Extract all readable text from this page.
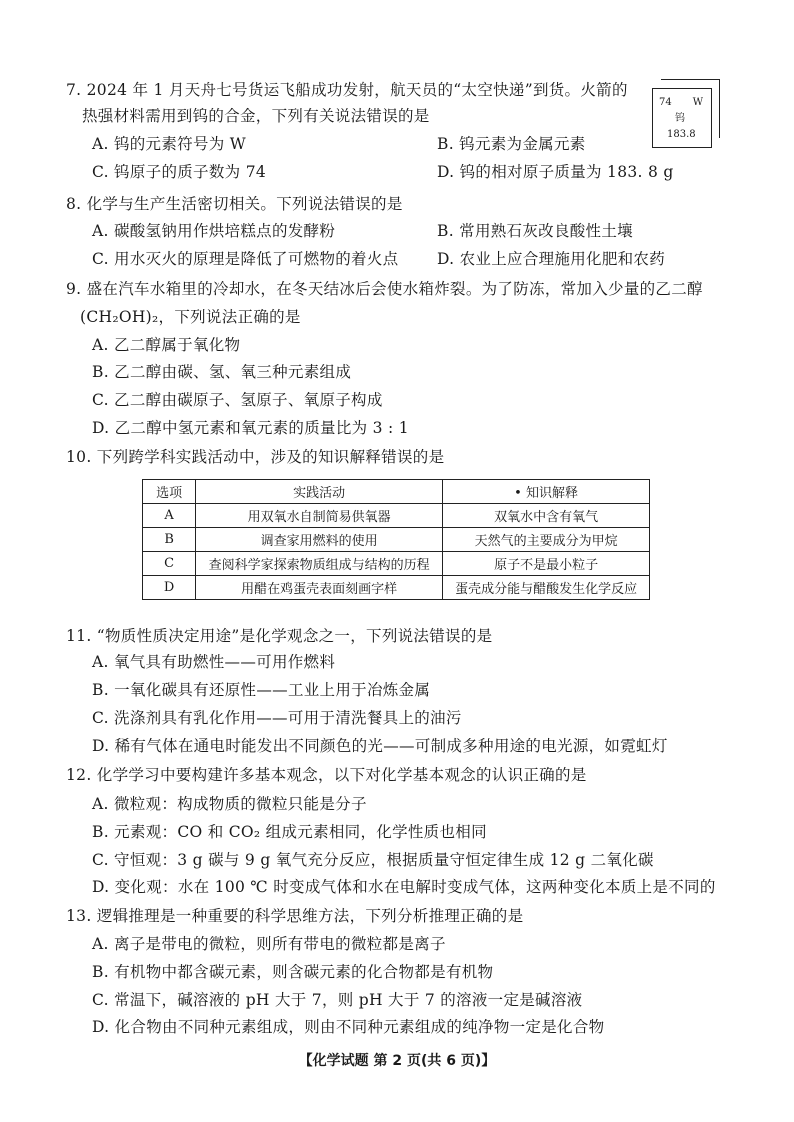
7. 2024 年 1 月天舟七号货运飞船成功发射，航天员的“太空快递”到货。火箭的
热强材料需用到钨的合金，下列有关说法错误的是
A. 钨的元素符号为 W	B. 钨元素为金属元素
C. 钨原子的质子数为 74	D. 钨的相对原子质量为 183. 8 g
74 W
钨
183.8
8. 化学与生产生活密切相关。下列说法错误的是
A. 碳酸氢钠用作烘培糕点的发酵粉	B. 常用熟石灰改良酸性土壤
C. 用水灭火的原理是降低了可燃物的着火点 D. 农业上应合理施用化肥和农药
9. 盛在汽车水箱里的冷却水，在冬天结冰后会使水箱炸裂。为了防冻，常加入少量的乙二醇
(CH₂OH)₂，下列说法正确的是
A. 乙二醇属于氧化物
B. 乙二醇由碳、氢、氧三种元素组成
C. 乙二醇由碳原子、氢原子、氧原子构成
D. 乙二醇中氢元素和氧元素的质量比为 3 : 1
10. 下列跨学科实践活动中，涉及的知识解释错误的是
选项	实践活动	• 知识解释
A	用双氧水自制简易供氧器	双氧水中含有氧气
B	调查家用燃料的使用	天然气的主要成分为甲烷
C	查阅科学家探索物质组成与结构的历程	原子不是最小粒子
D	用醋在鸡蛋壳表面刻画字样	蛋壳成分能与醋酸发生化学反应
11. “物质性质决定用途”是化学观念之一，下列说法错误的是
A. 氧气具有助燃性——可用作燃料
B. 一氧化碳具有还原性——工业上用于冶炼金属
C. 洗涤剂具有乳化作用——可用于清洗餐具上的油污
D. 稀有气体在通电时能发出不同颜色的光——可制成多种用途的电光源，如霓虹灯
12. 化学学习中要构建许多基本观念，以下对化学基本观念的认识正确的是
A. 微粒观：构成物质的微粒只能是分子
B. 元素观：CO 和 CO₂ 组成元素相同，化学性质也相同
C. 守恒观：3 g 碳与 9 g 氧气充分反应，根据质量守恒定律生成 12 g 二氧化碳
D. 变化观：水在 100 ℃ 时变成气体和水在电解时变成气体，这两种变化本质上是不同的
13. 逻辑推理是一种重要的科学思维方法，下列分析推理正确的是
A. 离子是带电的微粒，则所有带电的微粒都是离子
B. 有机物中都含碳元素，则含碳元素的化合物都是有机物
C. 常温下，碱溶液的 pH 大于 7，则 pH 大于 7 的溶液一定是碱溶液
D. 化合物由不同种元素组成，则由不同种元素组成的纯净物一定是化合物
【化学试题 第 2 页(共 6 页)】
